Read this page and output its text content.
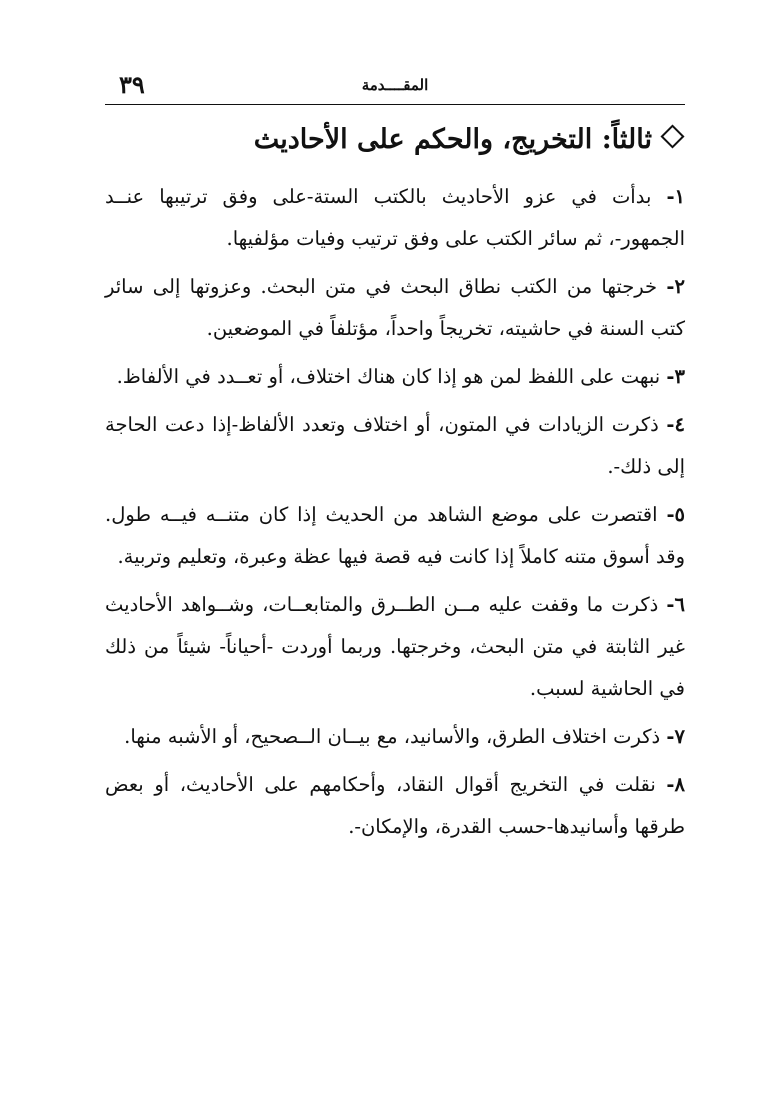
٣٩	المقــــدمة
ثالثاً: التخريج، والحكم على الأحاديث

١- بدأت في عزو الأحاديث بالكتب الستة-على وفق ترتيبها عنــد الجمهور-، ثم سائر الكتب على وفق ترتيب وفيات مؤلفيها.

٢- خرجتها من الكتب نطاق البحث في متن البحث. وعزوتها إلى سائر كتب السنة في حاشيته، تخريجاً واحداً، مؤتلفاً في الموضعين.

٣- نبهت على اللفظ لمن هو إذا كان هناك اختلاف، أو تعــدد في الألفاظ.

٤- ذكرت الزيادات في المتون، أو اختلاف وتعدد الألفاظ-إذا دعت الحاجة إلى ذلك-.

٥- اقتصرت على موضع الشاهد من الحديث إذا كان متنــه فيــه طول. وقد أسوق متنه كاملاً إذا كانت فيه قصة فيها عظة وعبرة، وتعليم وتربية.

٦- ذكرت ما وقفت عليه مــن الطــرق والمتابعــات، وشــواهد الأحاديث غير الثابتة في متن البحث، وخرجتها. وربما أوردت -أحياناً- شيئاً من ذلك في الحاشية لسبب.

٧- ذكرت اختلاف الطرق، والأسانيد، مع بيــان الــصحيح، أو الأشبه منها.

٨- نقلت في التخريج أقوال النقاد، وأحكامهم على الأحاديث، أو بعض طرقها وأسانيدها-حسب القدرة، والإمكان-.
